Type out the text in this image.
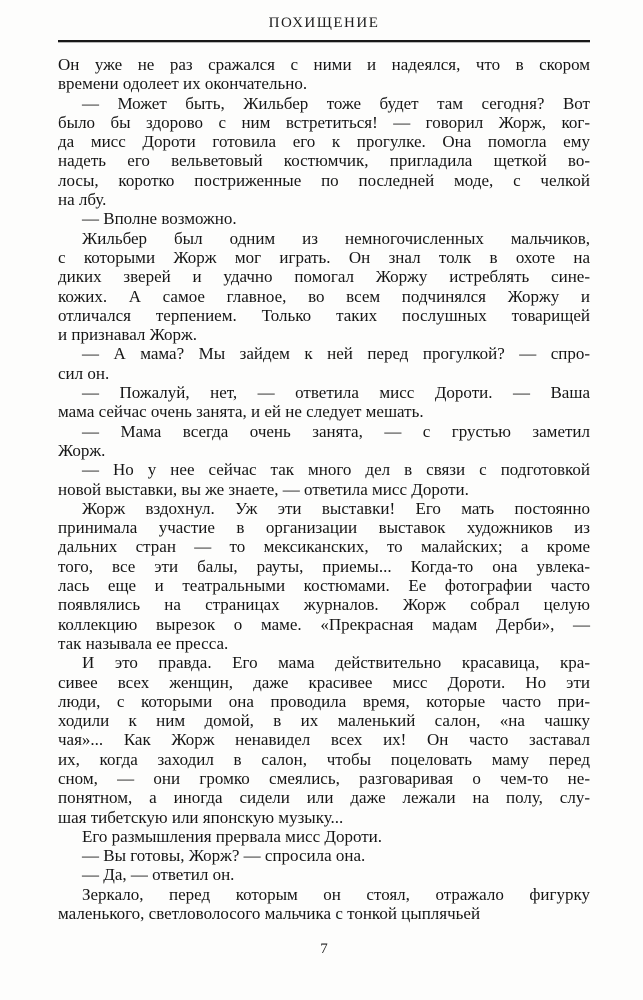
ПОХИЩЕНИЕ
Он уже не раз сражался с ними и надеялся, что в скором
времени одолеет их окончательно.
— Может быть, Жильбер тоже будет там сегодня? Вот
было бы здорово с ним встретиться! — говорил Жорж, ког-
да мисс Дороти готовила его к прогулке. Она помогла ему
надеть его вельветовый костюмчик, пригладила щеткой во-
лосы, коротко постриженные по последней моде, с челкой
на лбу.
— Вполне возможно.
Жильбер был одним из немногочисленных мальчиков,
с которыми Жорж мог играть. Он знал толк в охоте на
диких зверей и удачно помогал Жоржу истреблять сине-
кожих. А самое главное, во всем подчинялся Жоржу и
отличался терпением. Только таких послушных товарищей
и признавал Жорж.
— А мама? Мы зайдем к ней перед прогулкой? — спро-
сил он.
— Пожалуй, нет, — ответила мисс Дороти. — Ваша
мама сейчас очень занята, и ей не следует мешать.
— Мама всегда очень занята, — с грустью заметил
Жорж.
— Но у нее сейчас так много дел в связи с подготовкой
новой выставки, вы же знаете, — ответила мисс Дороти.
Жорж вздохнул. Уж эти выставки! Его мать постоянно
принимала участие в организации выставок художников из
дальних стран — то мексиканских, то малайских; а кроме
того, все эти балы, рауты, приемы... Когда-то она увлека-
лась еще и театральными костюмами. Ее фотографии часто
появлялись на страницах журналов. Жорж собрал целую
коллекцию вырезок о маме. «Прекрасная мадам Дерби», —
так называла ее пресса.
И это правда. Его мама действительно красавица, кра-
сивее всех женщин, даже красивее мисс Дороти. Но эти
люди, с которыми она проводила время, которые часто при-
ходили к ним домой, в их маленький салон, «на чашку
чая»... Как Жорж ненавидел всех их! Он часто заставал
их, когда заходил в салон, чтобы поцеловать маму перед
сном, — они громко смеялись, разговаривая о чем-то не-
понятном, а иногда сидели или даже лежали на полу, слу-
шая тибетскую или японскую музыку...
Его размышления прервала мисс Дороти.
— Вы готовы, Жорж? — спросила она.
— Да, — ответил он.
Зеркало, перед которым он стоял, отражало фигурку
маленького, светловолосого мальчика с тонкой цыплячьей
7
